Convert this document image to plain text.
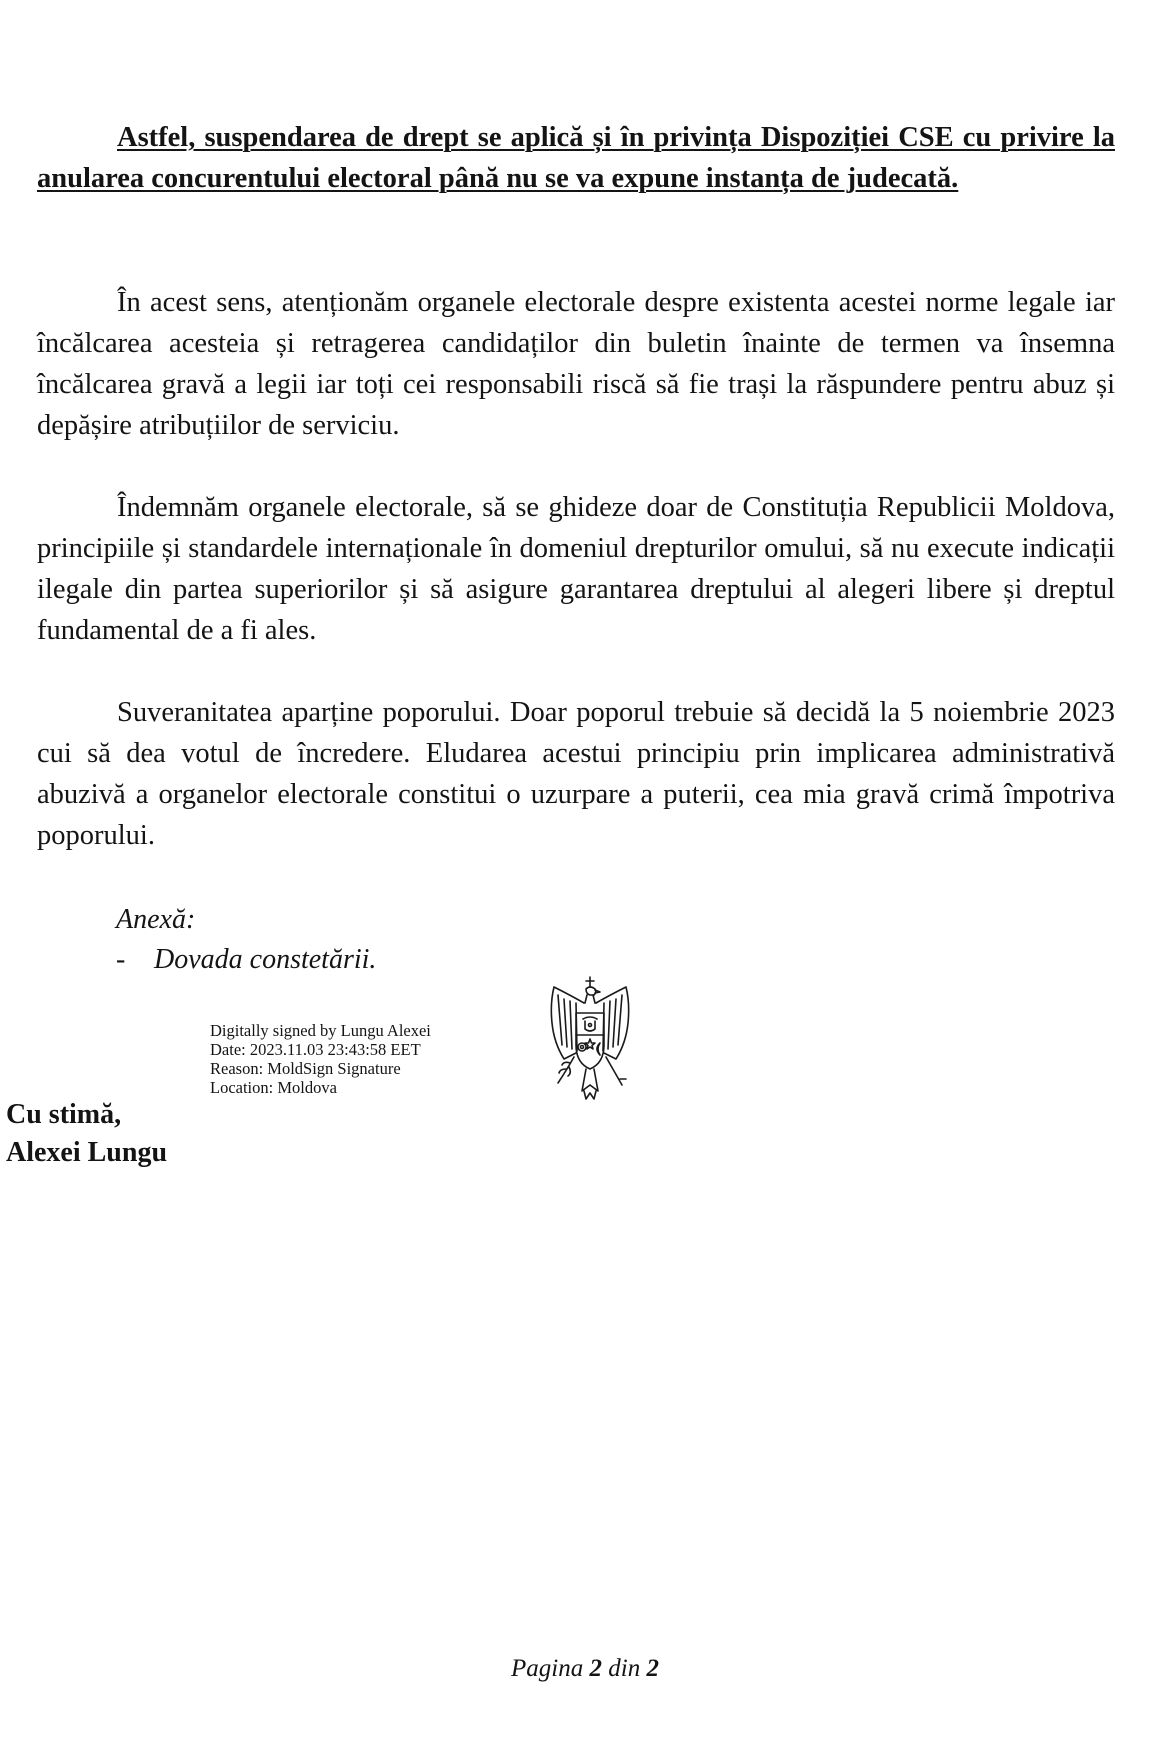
Astfel, suspendarea de drept se aplică și în privința Dispoziției CSE cu privire la anularea concurentului electoral până nu se va expune instanța de judecată.

În acest sens, atenționăm organele electorale despre existenta acestei norme legale iar încălcarea acesteia și retragerea candidaților din buletin înainte de termen va însemna încălcarea gravă a legii iar toți cei responsabili riscă să fie trași la răspundere pentru abuz și depășire atribuțiilor de serviciu.

Îndemnăm organele electorale, să se ghideze doar de Constituția Republicii Moldova, principiile și standardele internaționale în domeniul drepturilor omului, să nu execute indicații ilegale din partea superiorilor și să asigure garantarea dreptului al alegeri libere și dreptul fundamental de a fi ales.

Suveranitatea aparține poporului. Doar poporul trebuie să decidă la 5 noiembrie 2023 cui să dea votul de încredere. Eludarea acestui principiu prin implicarea administrativă abuzivă a organelor electorale constitui o uzurpare a puterii, cea mia gravă crimă împotriva poporului.

Anexă:
- Dovada constetării.
Digitally signed by Lungu Alexei
Date: 2023.11.03 23:43:58 EET
Reason: MoldSign Signature
Location: Moldova
Cu stimă,
Alexei Lungu
Pagina 2 din 2
